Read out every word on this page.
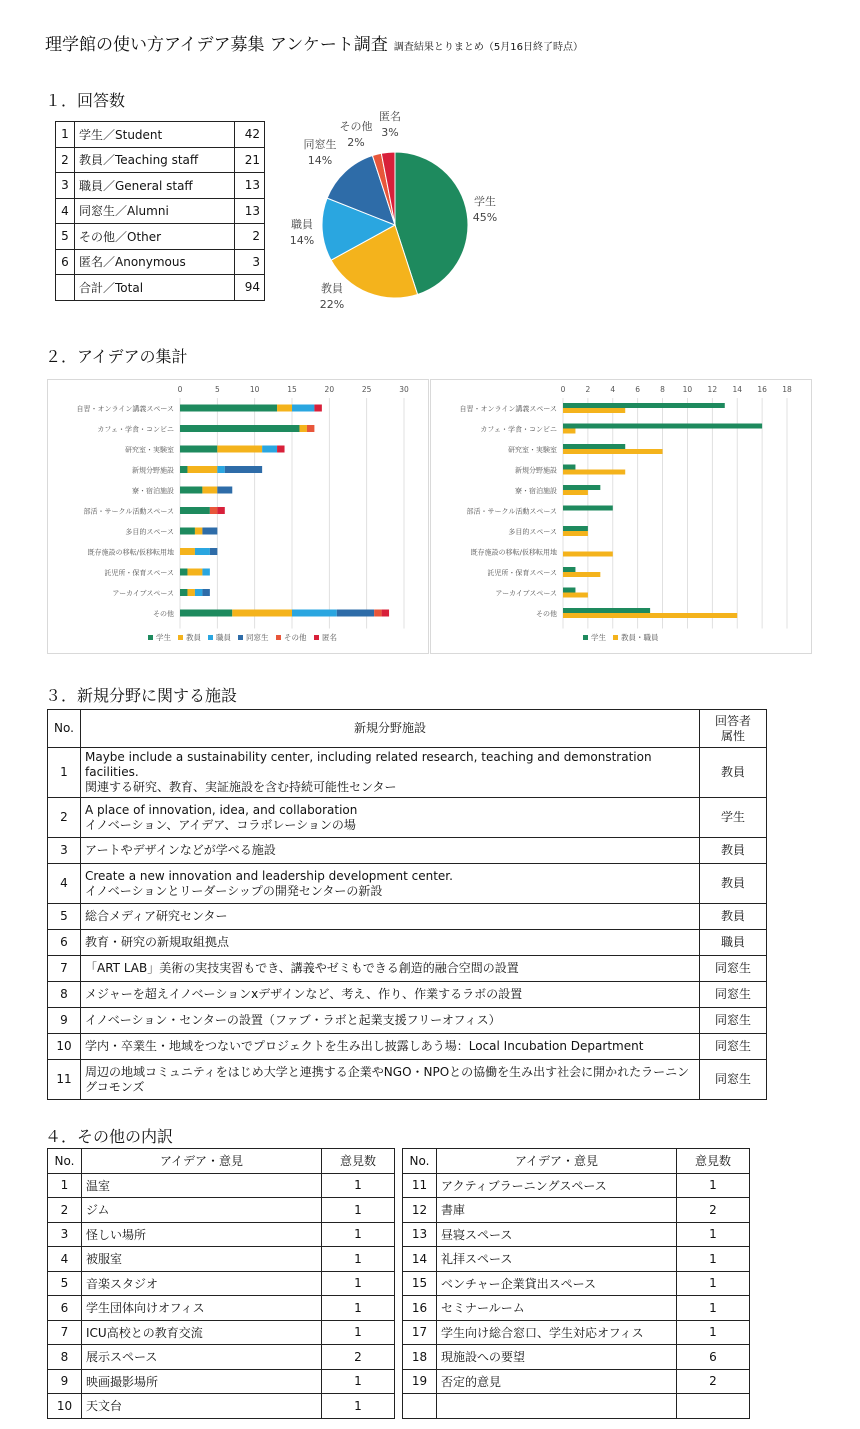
理学館の使い方アイデア募集 アンケート調査 調査結果とりまとめ（5月16日終了時点）
１．回答数
1	学生／Student	42
2	教員／Teaching staff	21
3	職員／General staff	13
4	同窓生／Alumni	13
5	その他／Other	2
6	匿名／Anonymous	3
	合計／Total	94
学生
45%
教員
22%
職員
14%
同窓生
14%
その他
2%
匿名
3%
２．アイデアの集計
0	5	10	15	20	25	30
自習・オンライン講義スペース
カフェ・学食・コンビニ
研究室・実験室
新規分野施設
寮・宿泊施設
部活・サークル活動スペース
多目的スペース
既存施設の移転/仮移転用地
託児所・保育スペース
アーカイブスペース
その他
学生 教員 職員 同窓生 その他 匿名
0	2	4	6	8 10 12 14 16 18
自習・オンライン講義スペース
カフェ・学食・コンビニ
研究室・実験室
新規分野施設
寮・宿泊施設
部活・サークル活動スペース
多目的スペース
既存施設の移転/仮移転用地
託児所・保育スペース
アーカイブスペース
その他
学生 教員・職員
３．新規分野に関する施設
No.	新規分野施設	回答者
属性
1	Maybe include a sustainability center, including related research, teaching and demonstration facilities.
関連する研究、教育、実証施設を含む持続可能性センター	教員
2	A place of innovation, idea, and collaboration
イノベーション、アイデア、コラボレーションの場	学生
3	アートやデザインなどが学べる施設	教員
4	Create a new innovation and leadership development center.
イノベーションとリーダーシップの開発センターの新設	教員
5	総合メディア研究センター	教員
6	教育・研究の新規取組拠点	職員
7	「ART LAB」美術の実技実習もでき、講義やゼミもできる創造的融合空間の設置	同窓生
8	メジャーを超えイノベーションxデザインなど、考え、作り、作業するラボの設置	同窓生
9	イノベーション・センターの設置（ファブ・ラボと起業支援フリーオフィス）	同窓生
10	学内・卒業生・地域をつないでプロジェクトを生み出し披露しあう場：Local Incubation Department	同窓生
11	周辺の地域コミュニティをはじめ大学と連携する企業やNGO・NPOとの協働を生み出す社会に開かれたラーニン
グコモンズ	同窓生
４．その他の内訳
No.	アイデア・意見	意見数
1	温室	1
2	ジム	1
3	怪しい場所	1
4	被服室	1
5	音楽スタジオ	1
6	学生団体向けオフィス	1
7	ICU高校との教育交流	1
8	展示スペース	2
9	映画撮影場所	1
10	天文台	1
No.	アイデア・意見	意見数
11	アクティブラーニングスペース	1
12	書庫	2
13	昼寝スペース	1
14	礼拝スペース	1
15	ベンチャー企業貸出スペース	1
16	セミナールーム	1
17	学生向け総合窓口、学生対応オフィス	1
18	現施設への要望	6
19	否定的意見	2
